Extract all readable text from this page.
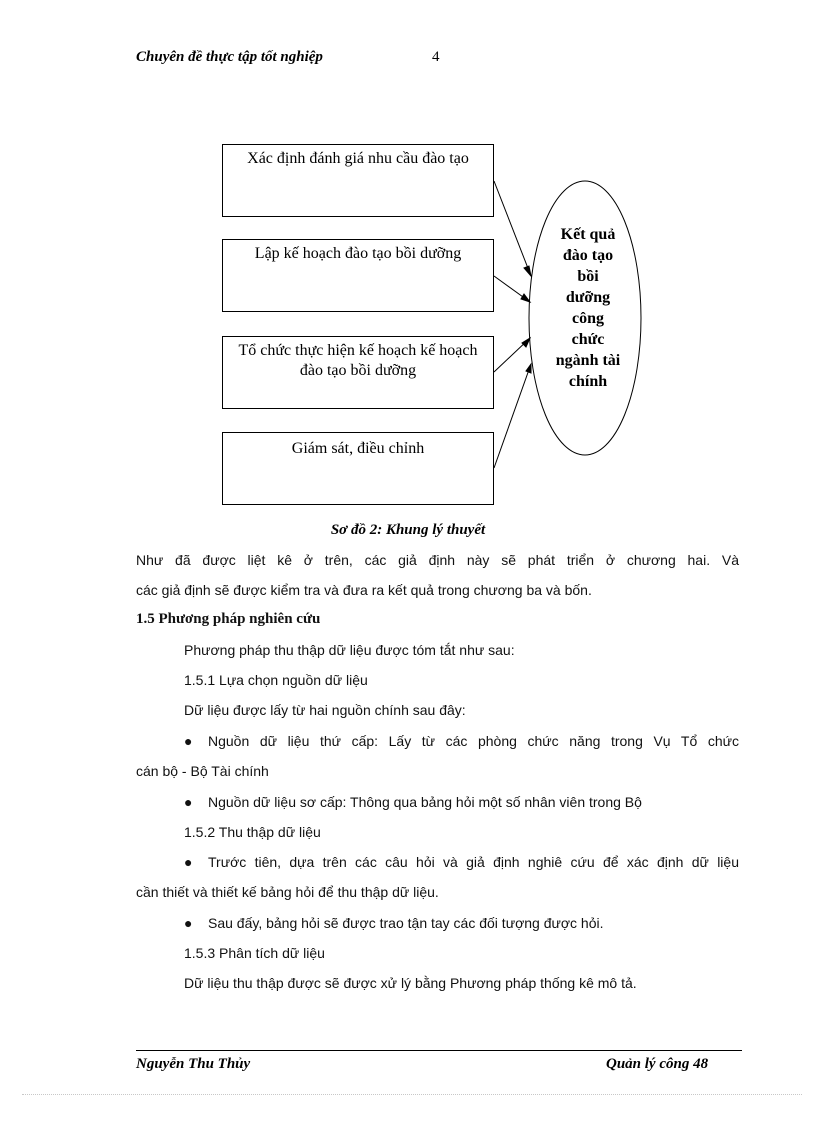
Chuyên đề thực tập tốt nghiệp	4
Xác định đánh giá nhu cầu đào tạo
Lập kế hoạch đào tạo bồi dưỡng
Tổ chức thực hiện kế hoạch kế hoạch đào tạo bồi dưỡng
Giám sát, điều chỉnh
Kết quả
đào tạo
bồi
dưỡng
công
chức
ngành tài
chính
Sơ đồ 2: Khung lý thuyết
Như đã được liệt kê ở trên, các giả định này sẽ phát triển ở chương hai. Và
các giả định sẽ được kiểm tra và đưa ra kết quả trong chương ba và bốn.
1.5 Phương pháp nghiên cứu
Phương pháp thu thập dữ liệu được tóm tắt như sau:
1.5.1 Lựa chọn nguồn dữ liệu
Dữ liệu được lấy từ hai nguồn chính sau đây:
● Nguồn dữ liệu thứ cấp: Lấy từ các phòng chức năng trong Vụ Tổ chức
cán bộ - Bộ Tài chính
● Nguồn dữ liệu sơ cấp: Thông qua bảng hỏi một số nhân viên trong Bộ
1.5.2 Thu thập dữ liệu
● Trước tiên, dựa trên các câu hỏi và giả định nghiê cứu để xác định dữ liệu
cần thiết và thiết kế bảng hỏi để thu thập dữ liệu.
● Sau đấy, bảng hỏi sẽ được trao tận tay các đối tượng được hỏi.
1.5.3 Phân tích dữ liệu
Dữ liệu thu thập được sẽ được xử lý bằng Phương pháp thống kê mô tả.
Nguyễn Thu Thủy	Quản lý công 48
